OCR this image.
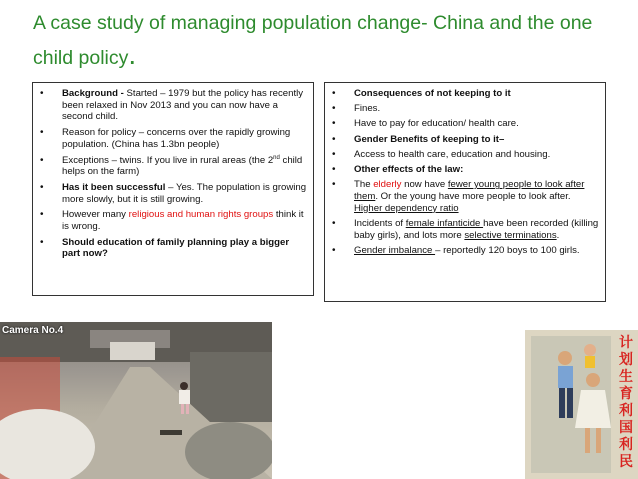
A case study of managing population change- China and the one child policy.
• Background - Started – 1979 but the policy has recently been relaxed in Nov 2013 and you can now have a second child.
• Reason for policy – concerns over the rapidly growing population. (China has 1.3bn people)
• Exceptions – twins. If you live in rural areas (the 2nd child helps on the farm)
• Has it been successful – Yes. The population is growing more slowly, but it is still growing.
• However many religious and human rights groups think it is wrong.
• Should education of family planning play a bigger part now?
• Consequences of not keeping to it
• Fines.
• Have to pay for education/ health care.
• Gender Benefits of keeping to it–
• Access to health care, education and housing.
• Other effects of the law:
• The elderly now have fewer young people to look after them. Or the young have more people to look after. Higher dependency ratio
• Incidents of female infanticide have been recorded (killing baby girls), and lots more selective terminations.
• Gender imbalance – reportedly 120 boys to 100 girls.
Camera No.4
计划生育利国利民
